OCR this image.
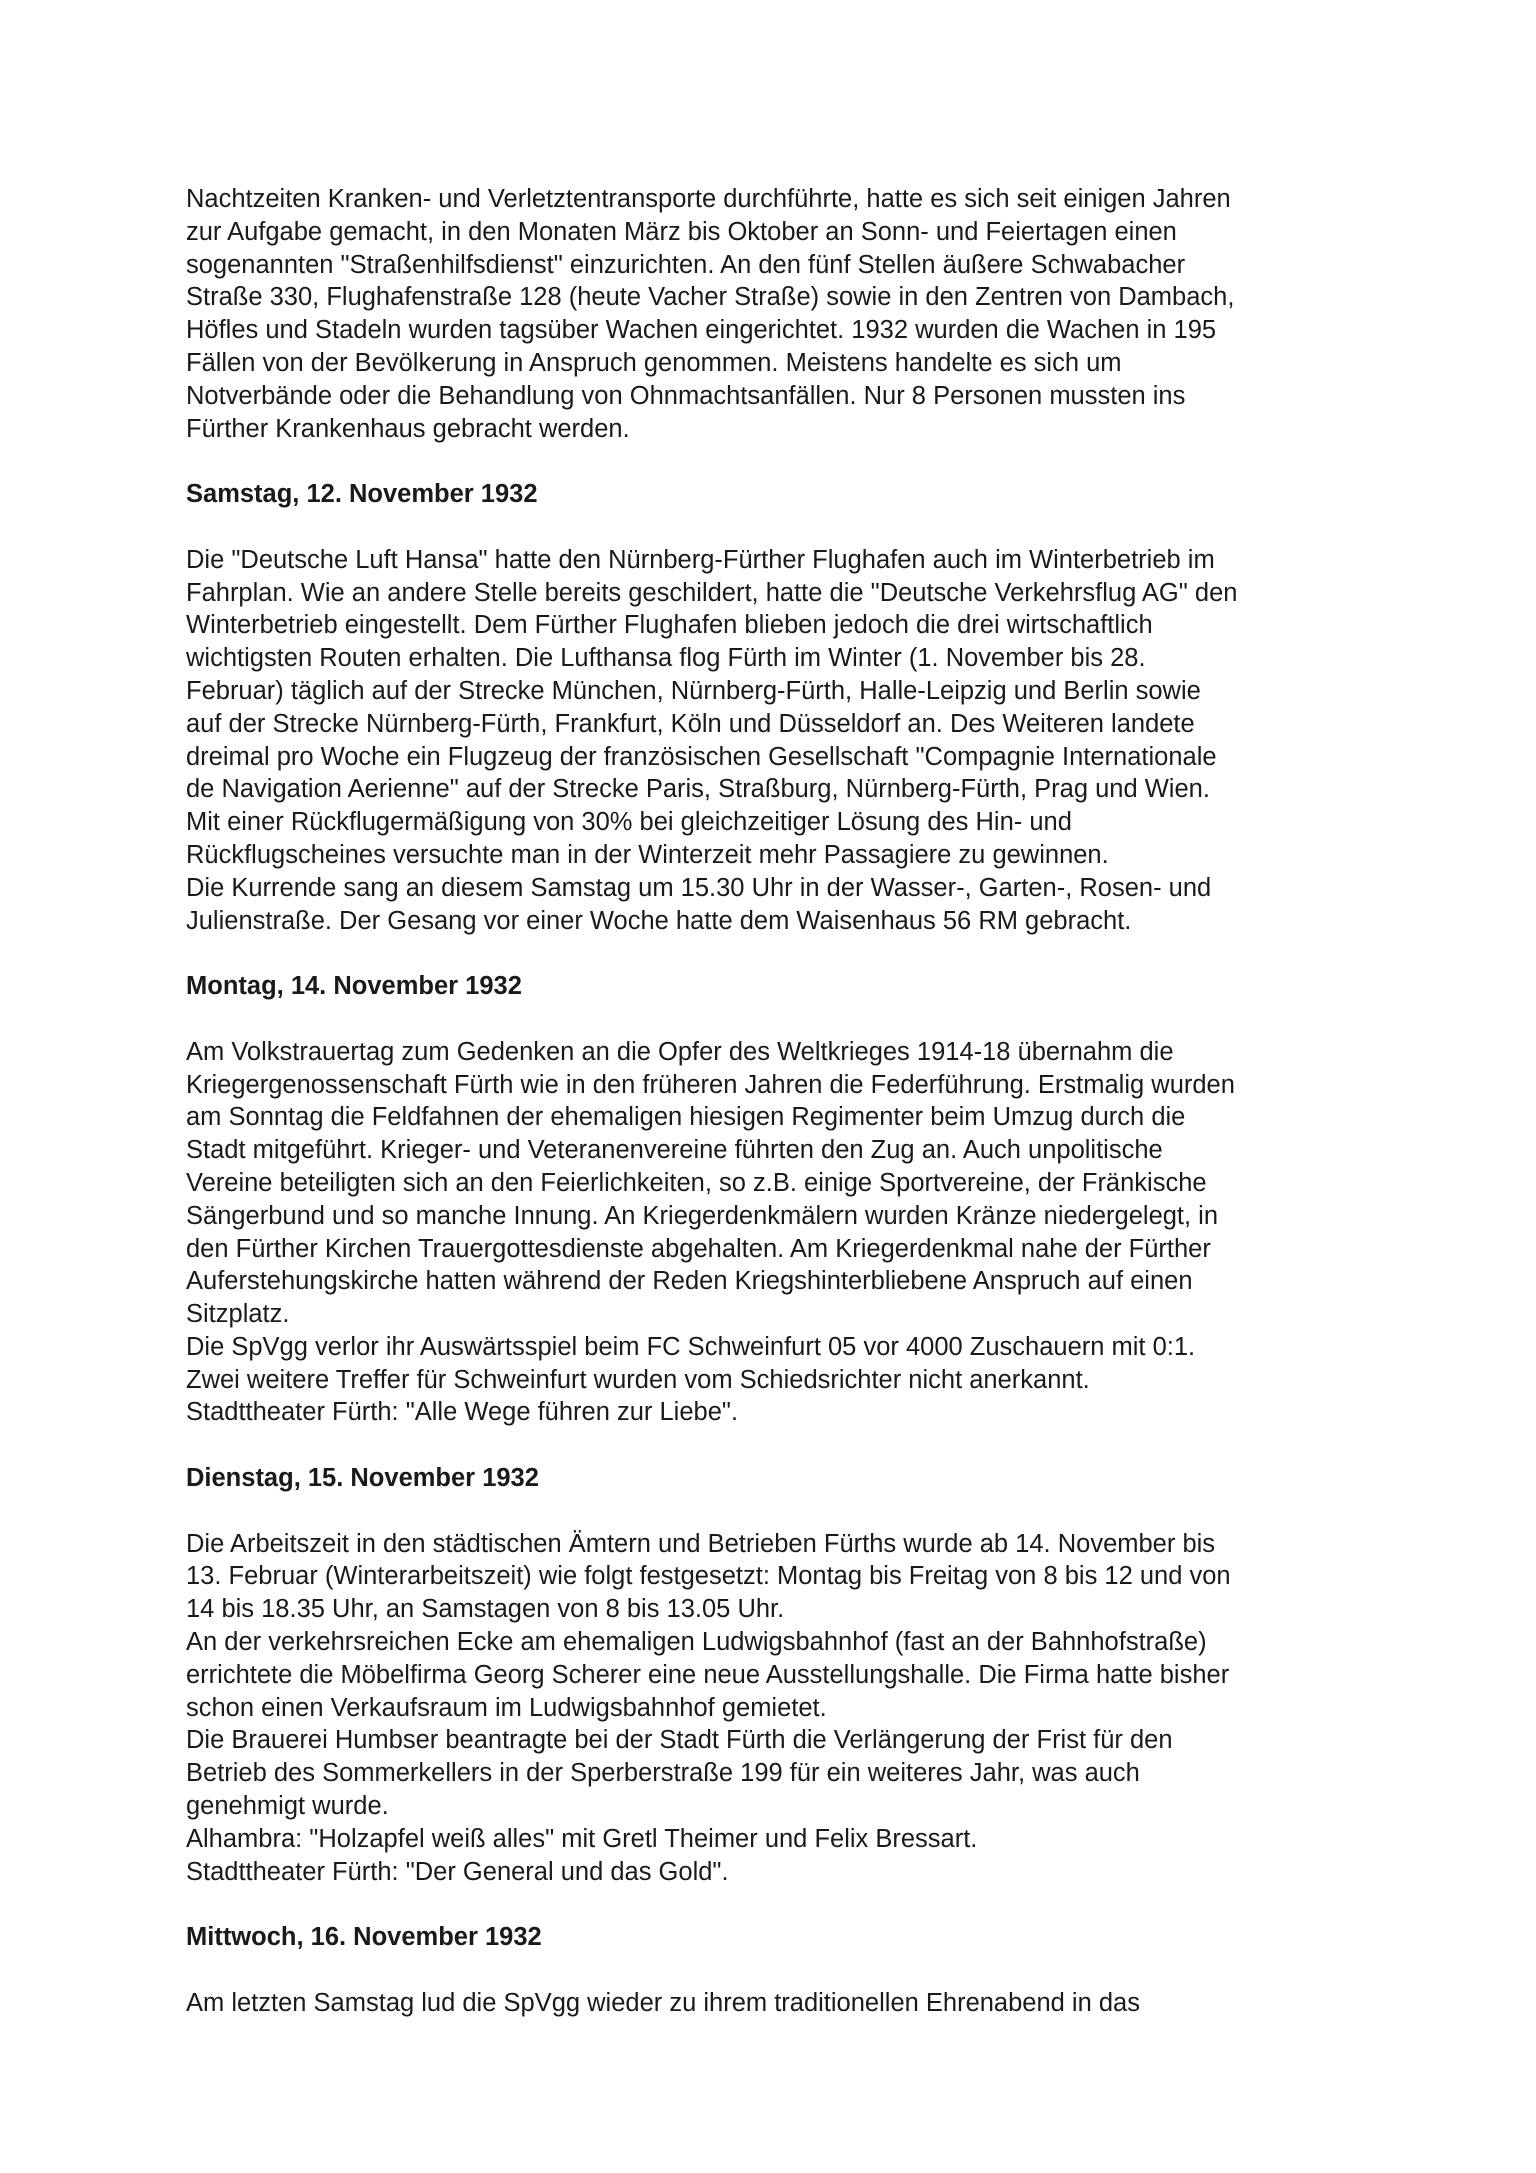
Nachtzeiten Kranken- und Verletztentransporte durchführte, hatte es sich seit einigen Jahren
zur Aufgabe gemacht, in den Monaten März bis Oktober an Sonn- und Feiertagen einen
sogenannten "Straßenhilfsdienst" einzurichten. An den fünf Stellen äußere Schwabacher
Straße 330, Flughafenstraße 128 (heute Vacher Straße) sowie in den Zentren von Dambach,
Höfles und Stadeln wurden tagsüber Wachen eingerichtet. 1932 wurden die Wachen in 195
Fällen von der Bevölkerung in Anspruch genommen. Meistens handelte es sich um
Notverbände oder die Behandlung von Ohnmachtsanfällen. Nur 8 Personen mussten ins
Fürther Krankenhaus gebracht werden.

Samstag, 12. November 1932

Die "Deutsche Luft Hansa" hatte den Nürnberg-Fürther Flughafen auch im Winterbetrieb im
Fahrplan. Wie an andere Stelle bereits geschildert, hatte die "Deutsche Verkehrsflug AG" den
Winterbetrieb eingestellt. Dem Fürther Flughafen blieben jedoch die drei wirtschaftlich
wichtigsten Routen erhalten. Die Lufthansa flog Fürth im Winter (1. November bis 28.
Februar) täglich auf der Strecke München, Nürnberg-Fürth, Halle-Leipzig und Berlin sowie
auf der Strecke Nürnberg-Fürth, Frankfurt, Köln und Düsseldorf an. Des Weiteren landete
dreimal pro Woche ein Flugzeug der französischen Gesellschaft "Compagnie Internationale
de Navigation Aerienne" auf der Strecke Paris, Straßburg, Nürnberg-Fürth, Prag und Wien.
Mit einer Rückflugermäßigung von 30% bei gleichzeitiger Lösung des Hin- und
Rückflugscheines versuchte man in der Winterzeit mehr Passagiere zu gewinnen.
Die Kurrende sang an diesem Samstag um 15.30 Uhr in der Wasser-, Garten-, Rosen- und
Julienstraße. Der Gesang vor einer Woche hatte dem Waisenhaus 56 RM gebracht.

Montag, 14. November 1932

Am Volkstrauertag zum Gedenken an die Opfer des Weltkrieges 1914-18 übernahm die
Kriegergenossenschaft Fürth wie in den früheren Jahren die Federführung. Erstmalig wurden
am Sonntag die Feldfahnen der ehemaligen hiesigen Regimenter beim Umzug durch die
Stadt mitgeführt. Krieger- und Veteranenvereine führten den Zug an. Auch unpolitische
Vereine beteiligten sich an den Feierlichkeiten, so z.B. einige Sportvereine, der Fränkische
Sängerbund und so manche Innung. An Kriegerdenkmälern wurden Kränze niedergelegt, in
den Fürther Kirchen Trauergottesdienste abgehalten. Am Kriegerdenkmal nahe der Fürther
Auferstehungskirche hatten während der Reden Kriegshinterbliebene Anspruch auf einen
Sitzplatz.
Die SpVgg verlor ihr Auswärtsspiel beim FC Schweinfurt 05 vor 4000 Zuschauern mit 0:1.
Zwei weitere Treffer für Schweinfurt wurden vom Schiedsrichter nicht anerkannt.
Stadttheater Fürth: "Alle Wege führen zur Liebe".

Dienstag, 15. November 1932

Die Arbeitszeit in den städtischen Ämtern und Betrieben Fürths wurde ab 14. November bis
13. Februar (Winterarbeitszeit) wie folgt festgesetzt: Montag bis Freitag von 8 bis 12 und von
14 bis 18.35 Uhr, an Samstagen von 8 bis 13.05 Uhr.
An der verkehrsreichen Ecke am ehemaligen Ludwigsbahnhof (fast an der Bahnhofstraße)
errichtete die Möbelfirma Georg Scherer eine neue Ausstellungshalle. Die Firma hatte bisher
schon einen Verkaufsraum im Ludwigsbahnhof gemietet.
Die Brauerei Humbser beantragte bei der Stadt Fürth die Verlängerung der Frist für den
Betrieb des Sommerkellers in der Sperberstraße 199 für ein weiteres Jahr, was auch
genehmigt wurde.
Alhambra: "Holzapfel weiß alles" mit Gretl Theimer und Felix Bressart.
Stadttheater Fürth: "Der General und das Gold".

Mittwoch, 16. November 1932

Am letzten Samstag lud die SpVgg wieder zu ihrem traditionellen Ehrenabend in das
